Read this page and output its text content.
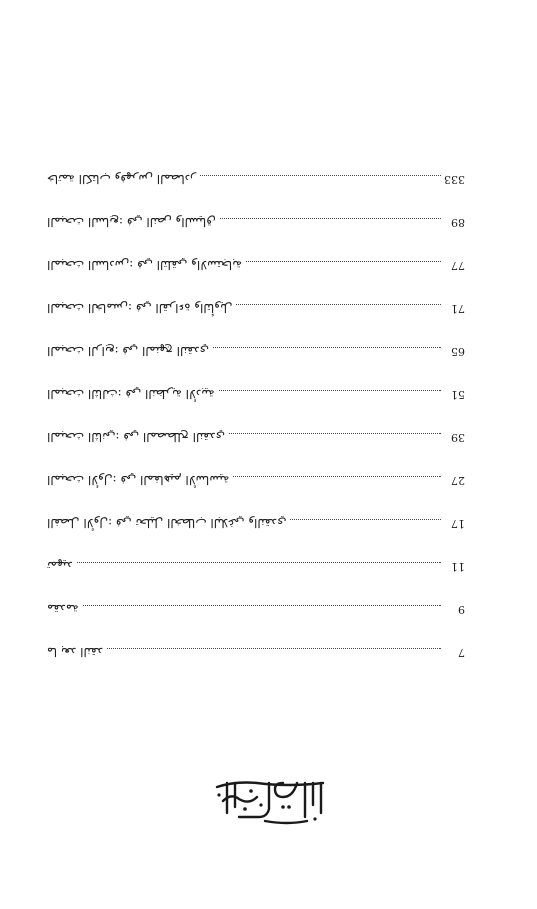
ما بعد النقد	7
مقدمة	9
تمهيد	11
الفصل الأول: في تحليل الخطاب البلاغي والنقدي	17
المبحث الأول: في المفاهيم الأساسية	27
المبحث الثاني: في المصطلح النقدي	39
المبحث الثالث: في النظرية الأدبية	51
المبحث الرابع: في المنهج النقدي	65
المبحث الخامس: في القراءة والتأويل	71
المبحث السادس: في التلقي والاستجابة	77
المبحث السابع: في النص والسياق	89
خاتمة الكتاب وفهرس المصادر	333
